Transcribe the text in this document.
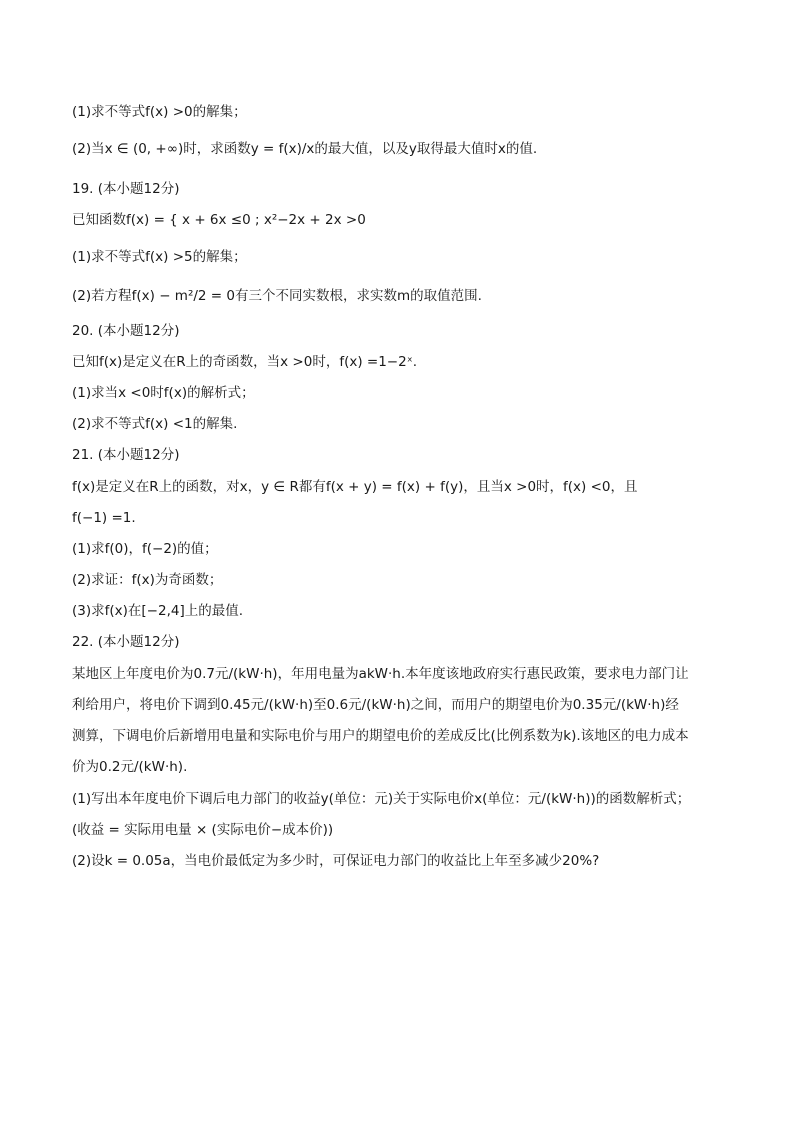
(1)求不等式f(x) >0的解集；
(2)当x ∈ (0, +∞)时，求函数y = f(x)/x的最大值，以及y取得最大值时x的值.
19. (本小题12分)
已知函数f(x) = { x + 6x ≤0 ; x²−2x + 2x >0
(1)求不等式f(x) >5的解集；
(2)若方程f(x) − m²/2 = 0有三个不同实数根，求实数m的取值范围.
20. (本小题12分)
已知f(x)是定义在R上的奇函数，当x >0时，f(x) =1−2ˣ.
(1)求当x <0时f(x)的解析式；
(2)求不等式f(x) <1的解集.
21. (本小题12分)
f(x)是定义在R上的函数，对x，y ∈ R都有f(x + y) = f(x) + f(y)，且当x >0时，f(x) <0，且
f(−1) =1.
(1)求f(0)，f(−2)的值；
(2)求证：f(x)为奇函数；
(3)求f(x)在[−2,4]上的最值.
22. (本小题12分)
某地区上年度电价为0.7元/(kW·h)，年用电量为akW·h.本年度该地政府实行惠民政策，要求电力部门让
利给用户，将电价下调到0.45元/(kW·h)至0.6元/(kW·h)之间，而用户的期望电价为0.35元/(kW·h)经
测算，下调电价后新增用电量和实际电价与用户的期望电价的差成反比(比例系数为k).该地区的电力成本
价为0.2元/(kW·h).
(1)写出本年度电价下调后电力部门的收益y(单位：元)关于实际电价x(单位：元/(kW·h))的函数解析式；
(收益 = 实际用电量 × (实际电价−成本价))
(2)设k = 0.05a，当电价最低定为多少时，可保证电力部门的收益比上年至多减少20%?
